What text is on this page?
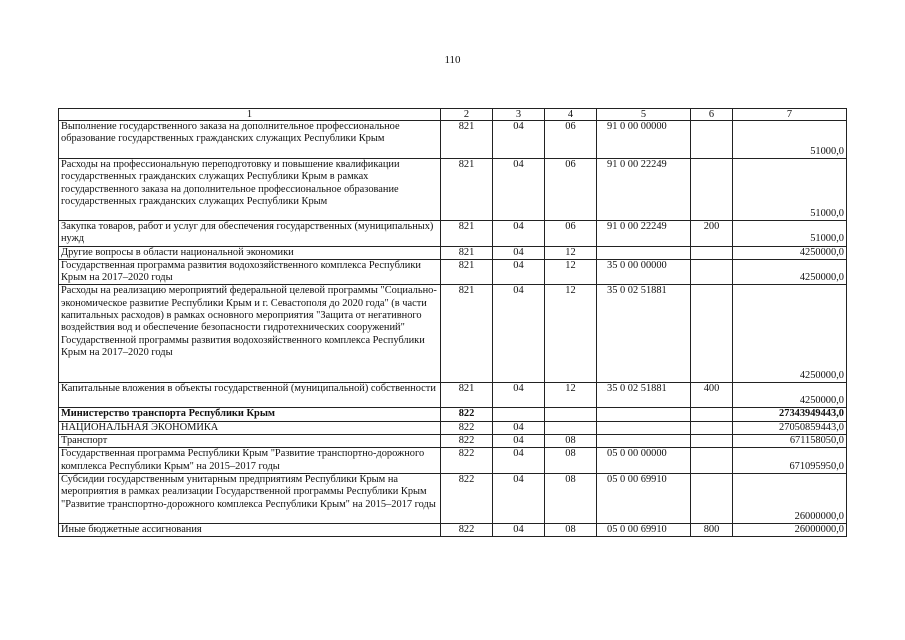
110
1	2	3	4	5	6	7
Выполнение государственного заказа на дополнительное профессиональное образование государственных гражданских служащих Республики Крым	821	04	06	91 0 00 00000		51000,0
Расходы на профессиональную переподготовку и повышение квалификации государственных гражданских служащих Республики Крым в рамках государственного заказа на дополнительное профессиональное образование государственных гражданских служащих Республики Крым	821	04	06	91 0 00 22249		51000,0
Закупка товаров, работ и услуг для обеспечения государственных (муниципальных) нужд	821	04	06	91 0 00 22249	200	51000,0
Другие вопросы в области национальной экономики	821	04	12			4250000,0
Государственная программа развития водохозяйственного комплекса Республики Крым на 2017–2020 годы	821	04	12	35 0 00 00000		4250000,0
Расходы на реализацию мероприятий федеральной целевой программы "Социально-экономическое развитие Республики Крым и г. Севастополя до 2020 года" (в части капитальных расходов) в рамках основного мероприятия "Защита от негативного воздействия вод и обеспечение безопасности гидротехнических сооружений" Государственной программы развития водохозяйственного комплекса Республики Крым на 2017–2020 годы	821	04	12	35 0 02 51881		4250000,0
Капитальные вложения в объекты государственной (муниципальной) собственности	821	04	12	35 0 02 51881	400	4250000,0
Министерство транспорта Республики Крым	822					27343949443,0
НАЦИОНАЛЬНАЯ ЭКОНОМИКА	822	04				27050859443,0
Транспорт	822	04	08			671158050,0
Государственная программа Республики Крым "Развитие транспортно-дорожного комплекса Республики Крым" на 2015–2017 годы	822	04	08	05 0 00 00000		671095950,0
Субсидии государственным унитарным предприятиям Республики Крым на мероприятия в рамках реализации Государственной программы Республики Крым "Развитие транспортно-дорожного комплекса Республики Крым" на 2015–2017 годы	822	04	08	05 0 00 69910		26000000,0
Иные бюджетные ассигнования	822	04	08	05 0 00 69910	800	26000000,0
